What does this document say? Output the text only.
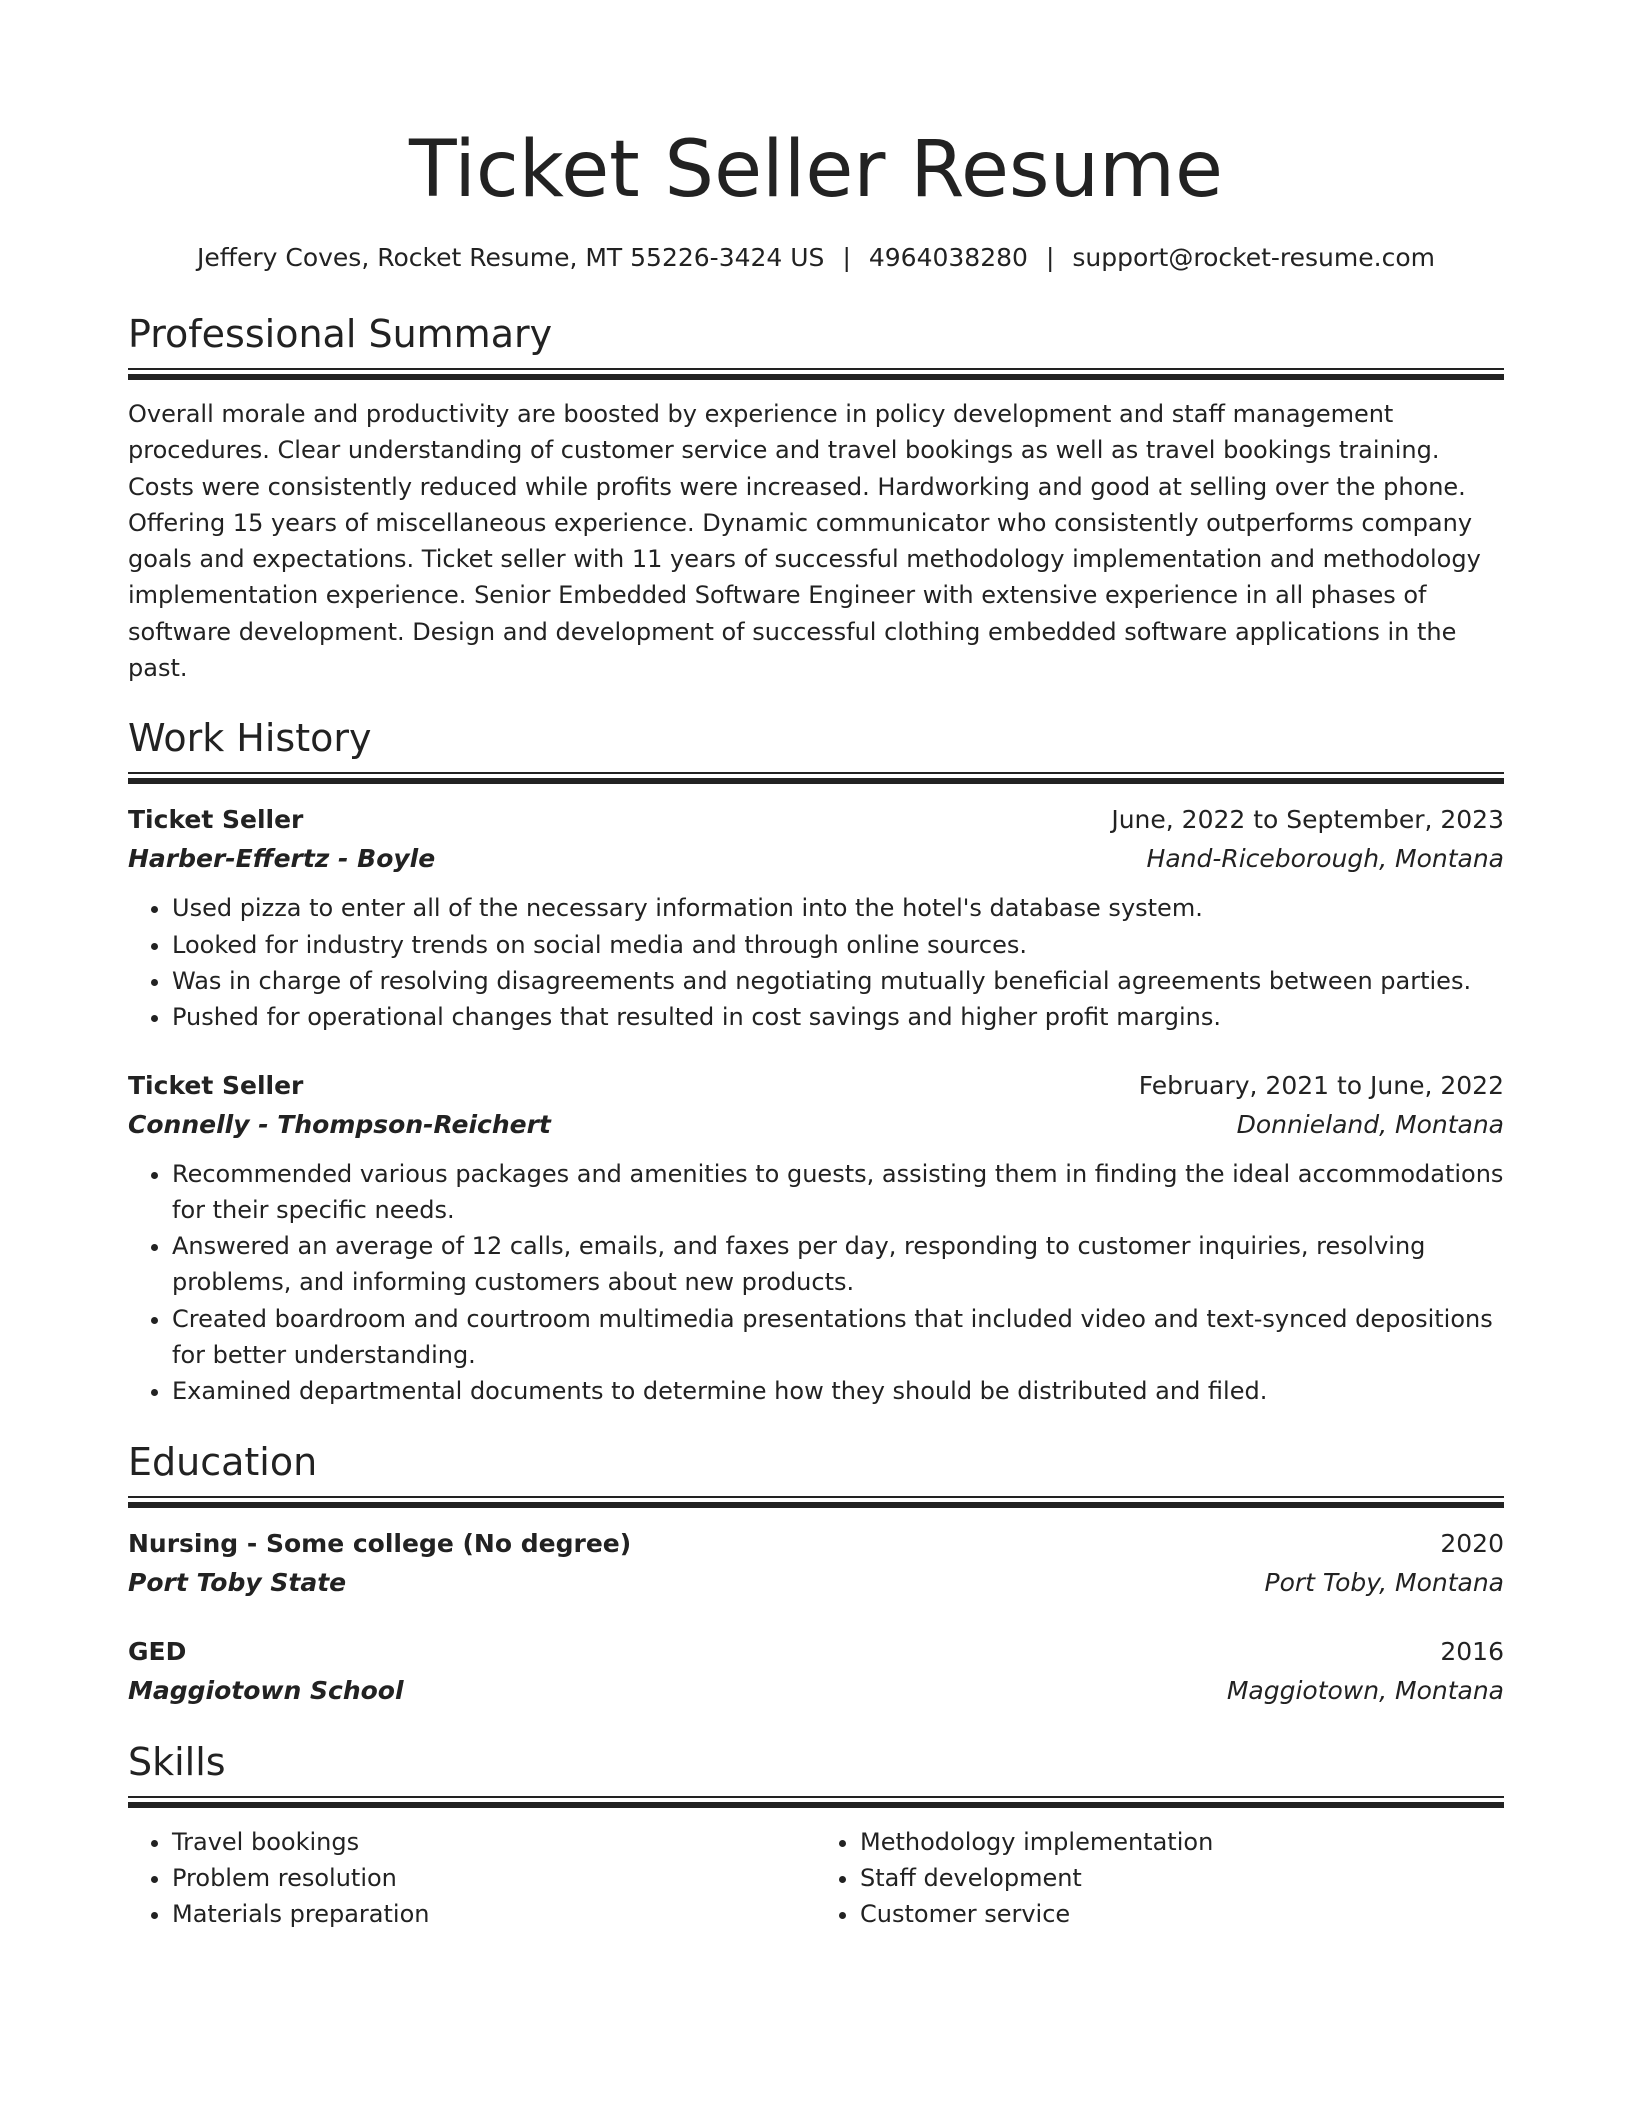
Ticket Seller Resume
Jeffery Coves, Rocket Resume, MT 55226-3424 US | 4964038280 | support@rocket-resume.com
Professional Summary

Overall morale and productivity are boosted by experience in policy development and staff management procedures. Clear understanding of customer service and travel bookings as well as travel bookings training. Costs were consistently reduced while profits were increased. Hardworking and good at selling over the phone. Offering 15 years of miscellaneous experience. Dynamic communicator who consistently outperforms company goals and expectations. Ticket seller with 11 years of successful methodology implementation and methodology implementation experience. Senior Embedded Software Engineer with extensive experience in all phases of software development. Design and development of successful clothing embedded software applications in the past.

Work History
Ticket Seller	June, 2022 to September, 2023
Harber-Effertz - Boyle	Hand-Riceborough, Montana
• Used pizza to enter all of the necessary information into the hotel's database system.
• Looked for industry trends on social media and through online sources.
• Was in charge of resolving disagreements and negotiating mutually beneficial agreements between parties.
• Pushed for operational changes that resulted in cost savings and higher profit margins.
Ticket Seller	February, 2021 to June, 2022
Connelly - Thompson-Reichert	Donnieland, Montana
• Recommended various packages and amenities to guests, assisting them in finding the ideal accommodations for their specific needs.
• Answered an average of 12 calls, emails, and faxes per day, responding to customer inquiries, resolving problems, and informing customers about new products.
• Created boardroom and courtroom multimedia presentations that included video and text-synced depositions for better understanding.
• Examined departmental documents to determine how they should be distributed and filed.
Education
Nursing - Some college (No degree)	2020
Port Toby State	Port Toby, Montana
GED	2016
Maggiotown School	Maggiotown, Montana
Skills
• Travel bookings
• Problem resolution
• Materials preparation
• Methodology implementation
• Staff development
• Customer service
